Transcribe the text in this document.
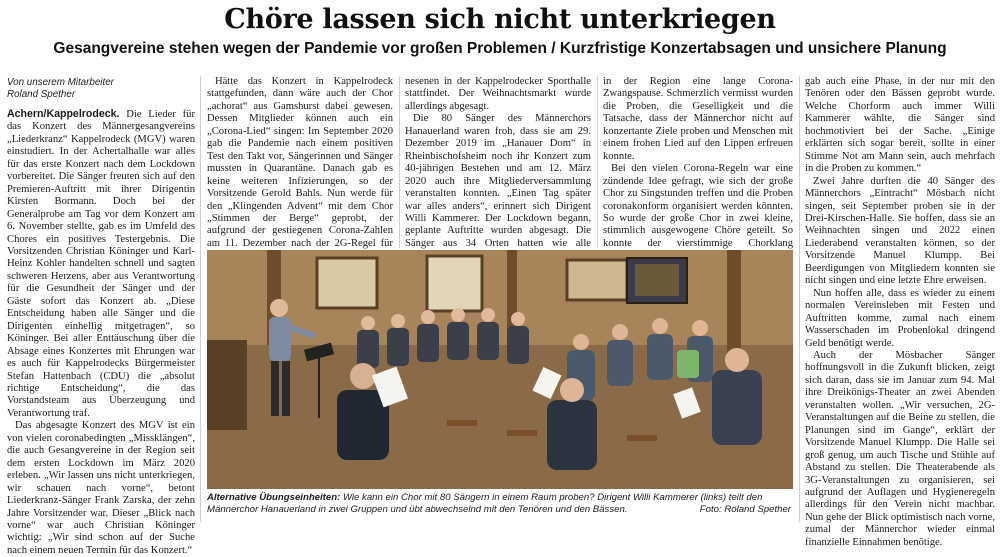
Chöre lassen sich nicht unterkriegen
Gesangvereine stehen wegen der Pandemie vor großen Problemen / Kurzfristige Konzertabsagen und unsichere Planung
Von unserem Mitarbeiter
Roland Spether

Achern/Kappelrodeck. Die Lieder für das Konzert des Männergesangvereins „Liederkranz“ Kappelrodeck (MGV) waren einstudiert. In der Achertalhalle war alles für das erste Konzert nach dem Lockdown vorbereitet. Die Sänger freuten sich auf den Premieren-Auftritt mit ihrer Dirigentin Kirsten Bormann. Doch bei der Generalprobe am Tag vor dem Konzert am 6. November stellte, gab es im Umfeld des Chores ein positives Testergebnis. Die Vorsitzenden Christian Köninger und Karl-Heinz Kohler handelten schnell und sagten schweren Herzens, aber aus Verantwortung für die Gesundheit der Sänger und der Gäste sofort das Konzert ab. „Diese Entscheidung haben alle Sänger und die Dirigenten einhellig mitgetragen“, so Köninger. Bei aller Enttäuschung über die Absage eines Konzertes mit Ehrungen war es auch für Kappelrodecks Bürgermeister Stefan Hattenbach (CDU) die „absolut richtige Entscheidung“, die das Vorstandsteam aus Überzeugung und Verantwortung traf.

Das abgesagte Konzert des MGV ist ein von vielen coronabedingten „Missklängen“, die auch Gesangvereine in der Region seit dem ersten Lockdown im März 2020 erleben. „Wir lassen uns nicht unterkriegen, wir schauen nach vorne“, betont Liederkranz-Sänger Frank Zarska, der zehn Jahre Vorsitzender war. Dieser „Blick nach vorne“ war auch Christian Köninger wichtig: „Wir sind schon auf der Suche nach einem neuen Termin für das Konzert.“

Hätte das Konzert in Kappelrodeck stattgefunden, dann wäre auch der Chor „achorat“ aus Gamshurst dabei gewesen. Dessen Mitglieder können auch ein „Corona-Lied“ singen: Im September 2020 gab die Pandemie nach einem positiven Test den Takt vor, Sängerinnen und Sänger mussten in Quarantäne. Danach gab es keine weiteren Infizierungen, so der Vorsitzende Gerold Bahls. Nun werde für den „Klingenden Advent“ mit dem Chor „Stimmen der Berge“ geprobt, der aufgrund der gestiegenen Corona-Zahlen am 11. Dezember nach der 2G-Regel für

nesenen in der Kappelrodecker Sporthalle stattfindet. Der Weihnachtsmarkt wurde allerdings abgesagt.

Die 80 Sänger des Männerchors Hanauerland waren froh, dass sie am 29. Dezember 2019 im „Hanauer Dom“ in Rheinbischofsheim noch ihr Konzert zum 40-jährigen Bestehen und am 12. März 2020 auch ihre Mitgliederversammlung veranstalten konnten. „Einen Tag später war alles anders“, erinnert sich Dirigent Willi Kammerer. Der Lockdown begann, geplante Auftritte wurden abgesagt. Die Sänger aus 34 Orten hatten wie alle

in der Region eine lange Corona-Zwangspause. Schmerzlich vermisst wurden die Proben, die Geselligkeit und die Tatsache, dass der Männerchor nicht auf konzertante Ziele proben und Menschen mit einem frohen Lied auf den Lippen erfreuen konnte.

Bei den vielen Corona-Regeln war eine zündende Idee gefragt, wie sich der große Chor zu Singstunden treffen und die Proben coronakonform organisiert werden könnten. So wurde der große Chor in zwei kleine, stimmlich ausgewogene Chöre geteilt. So konnte der vierstimmige Chorklang

gab auch eine Phase, in der nur mit den Tenören oder den Bässen geprobt wurde. Welche Chorform auch immer Willi Kammerer wählte, die Sänger sind hochmotiviert bei der Sache. „Einige erklärten sich sogar bereit, sollte in einer Stimme Not am Mann sein, auch mehrfach in die Proben zu kommen.“

Zwei Jahre durften die 40 Sänger des Männerchors „Eintracht“ Mösbach nicht singen, seit September proben sie in der Drei-Kirschen-Halle. Sie hoffen, dass sie an Weihnachten singen und 2022 einen Liederabend veranstalten können, so der Vorsitzende Manuel Klumpp. Bei Beerdigungen von Mitgliedern konnten sie nicht singen und eine letzte Ehre erweisen.

Nun hoffen alle, dass es wieder zu einem normalen Vereinsleben mit Festen und Auftritten komme, zumal nach einem Wasserschaden im Probenlokal dringend Geld benötigt werde.

Auch der Mösbacher Sänger hoffnungsvoll in die Zukunft blicken, zeigt sich daran, dass sie im Januar zum 94. Mal ihre Dreikönigs-Theater an zwei Abenden veranstalten wollen. „Wir versuchen, 2G-Veranstaltungen auf die Beine zu stellen, die Planungen sind im Gange“, erklärt der Vorsitzende Manuel Klumpp. Die Halle sei groß genug, um auch Tische und Stühle auf Abstand zu stellen. Die Theaterabende als 3G-Veranstaltungen zu organisieren, sei aufgrund der Auflagen und Hygieneregeln allerdings für den Verein nicht machbar. Nun gehe der Blick optimistisch nach vorne, zumal der Männerchor wieder einmal finanzielle Einnahmen benötige.

Alternative Übungseinheiten: Wie kann ein Chor mit 80 Sängern in einem Raum proben? Dirigent Willi Kammerer (links) teilt den Männerchor Hanauerland in zwei Gruppen und übt abwechselnd mit den Tenören und den Bässen.	Foto: Roland Spether
